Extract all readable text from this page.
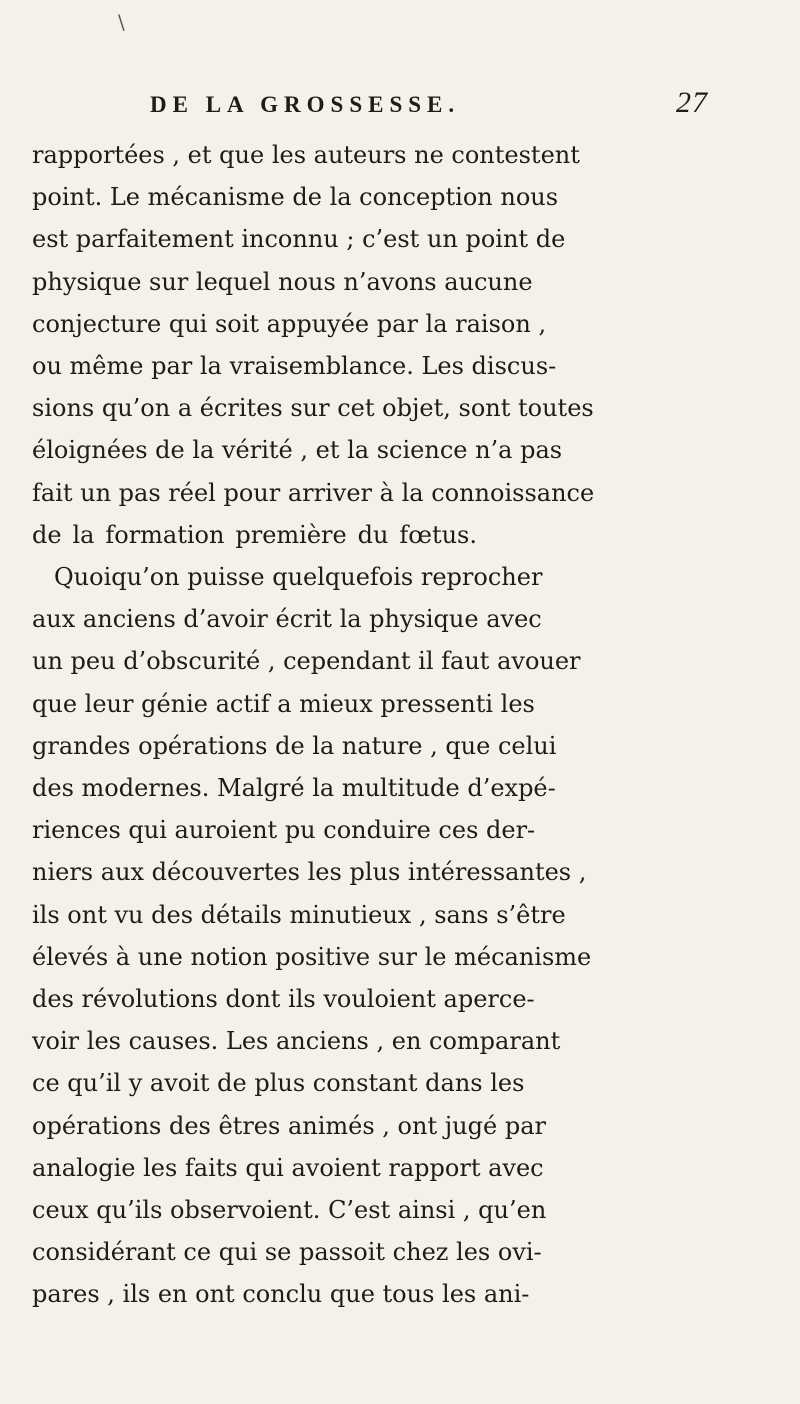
\
DE LA GROSSESSE.	27
rapportées , et que les auteurs ne contestent
point. Le mécanisme de la conception nous
est parfaitement inconnu ; c’est un point de
physique sur lequel nous n’avons aucune
conjecture qui soit appuyée par la raison ,
ou même par la vraisemblance. Les discus-
sions qu’on a écrites sur cet objet, sont toutes
éloignées de la vérité , et la science n’a pas
fait un pas réel pour arriver à la connoissance
de la formation première du fœtus.
Quoiqu’on puisse quelquefois reprocher
aux anciens d’avoir écrit la physique avec
un peu d’obscurité , cependant il faut avouer
que leur génie actif a mieux pressenti les
grandes opérations de la nature , que celui
des modernes. Malgré la multitude d’expé-
riences qui auroient pu conduire ces der-
niers aux découvertes les plus intéressantes ,
ils ont vu des détails minutieux , sans s’être
élevés à une notion positive sur le mécanisme
des révolutions dont ils vouloient aperce-
voir les causes. Les anciens , en comparant
ce qu’il y avoit de plus constant dans les
opérations des êtres animés , ont jugé par
analogie les faits qui avoient rapport avec
ceux qu’ils observoient. C’est ainsi , qu’en
considérant ce qui se passoit chez les ovi-
pares , ils en ont conclu que tous les ani-
